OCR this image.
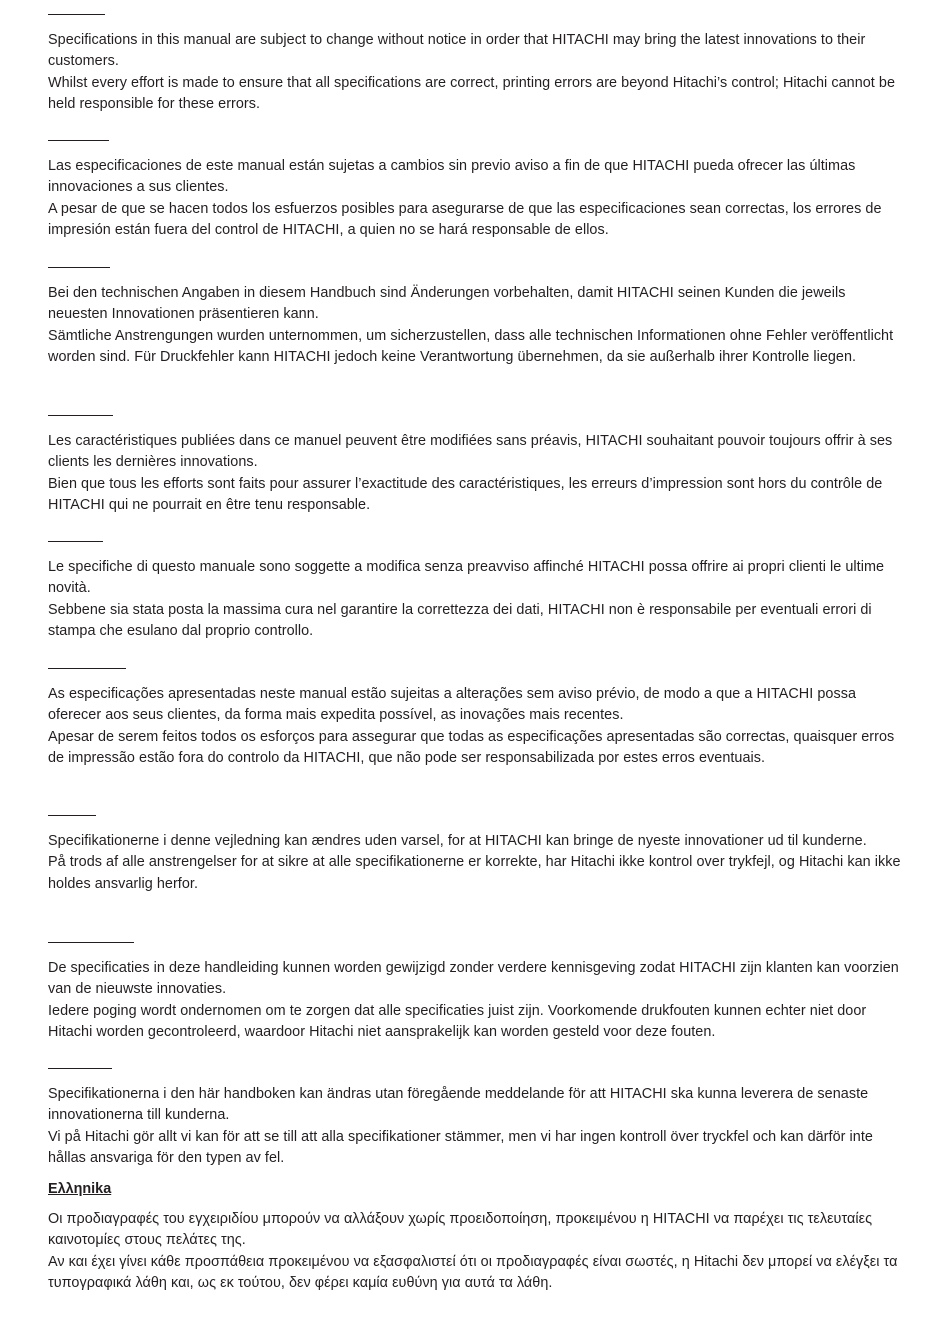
Specifications in this manual are subject to change without notice in order that HITACHI may bring the latest innovations to their customers.

Whilst every effort is made to ensure that all specifications are correct, printing errors are beyond Hitachi’s control; Hitachi cannot be held responsible for these errors.

Las especificaciones de este manual están sujetas a cambios sin previo aviso a fin de que HITACHI pueda ofrecer las últimas innovaciones a sus clientes.

A pesar de que se hacen todos los esfuerzos posibles para asegurarse de que las especificaciones sean correctas, los errores de impresión están fuera del control de HITACHI, a quien no se hará responsable de ellos.

Bei den technischen Angaben in diesem Handbuch sind Änderungen vorbehalten, damit HITACHI seinen Kunden die jeweils neuesten Innovationen präsentieren kann.

Sämtliche Anstrengungen wurden unternommen, um sicherzustellen, dass alle technischen Informationen ohne Fehler veröffentlicht worden sind. Für Druckfehler kann HITACHI jedoch keine Verantwortung übernehmen, da sie außerhalb ihrer Kontrolle liegen.

Les caractéristiques publiées dans ce manuel peuvent être modifiées sans préavis, HITACHI souhaitant pouvoir toujours offrir à ses clients les dernières innovations.

Bien que tous les efforts sont faits pour assurer l’exactitude des caractéristiques, les erreurs d’impression sont hors du contrôle de HITACHI qui ne pourrait en être tenu responsable.

Le specifiche di questo manuale sono soggette a modifica senza preavviso affinché HITACHI possa offrire ai propri clienti le ultime novità.

Sebbene sia stata posta la massima cura nel garantire la correttezza dei dati, HITACHI non è responsabile per eventuali errori di stampa che esulano dal proprio controllo.

As especificações apresentadas neste manual estão sujeitas a alterações sem aviso prévio, de modo a que a HITACHI possa oferecer aos seus clientes, da forma mais expedita possível, as inovações mais recentes.

Apesar de serem feitos todos os esforços para assegurar que todas as especificações apresentadas são correctas, quaisquer erros de impressão estão fora do controlo da HITACHI, que não pode ser responsabilizada por estes erros eventuais.

Specifikationerne i denne vejledning kan ændres uden varsel, for at HITACHI kan bringe de nyeste innovationer ud til kunderne.

På trods af alle anstrengelser for at sikre at alle specifikationerne er korrekte, har Hitachi ikke kontrol over trykfejl, og Hitachi kan ikke holdes ansvarlig herfor.

De specificaties in deze handleiding kunnen worden gewijzigd zonder verdere kennisgeving zodat HITACHI zijn klanten kan voorzien van de nieuwste innovaties.

Iedere poging wordt ondernomen om te zorgen dat alle specificaties juist zijn. Voorkomende drukfouten kunnen echter niet door Hitachi worden gecontroleerd, waardoor Hitachi niet aansprakelijk kan worden gesteld voor deze fouten.

Specifikationerna i den här handboken kan ändras utan föregående meddelande för att HITACHI ska kunna leverera de senaste innovationerna till kunderna.

Vi på Hitachi gör allt vi kan för att se till att alla specifikationer stämmer, men vi har ingen kontroll över tryckfel och kan därför inte hållas ansvariga för den typen av fel.

Ελληnika

Οι προδιαγραφές του εγχειριδίου μπορούν να αλλάξουν χωρίς προειδοποίηση, προκειμένου η HITACHI να παρέχει τις τελευταίες καινοτομίες στους πελάτες της.

Αν και έχει γίνει κάθε προσπάθεια προκειμένου να εξασφαλιστεί ότι οι προδιαγραφές είναι σωστές, η Hitachi δεν μπορεί να ελέγξει τα τυπογραφικά λάθη και, ως εκ τούτου, δεν φέρει καμία ευθύνη για αυτά τα λάθη.
